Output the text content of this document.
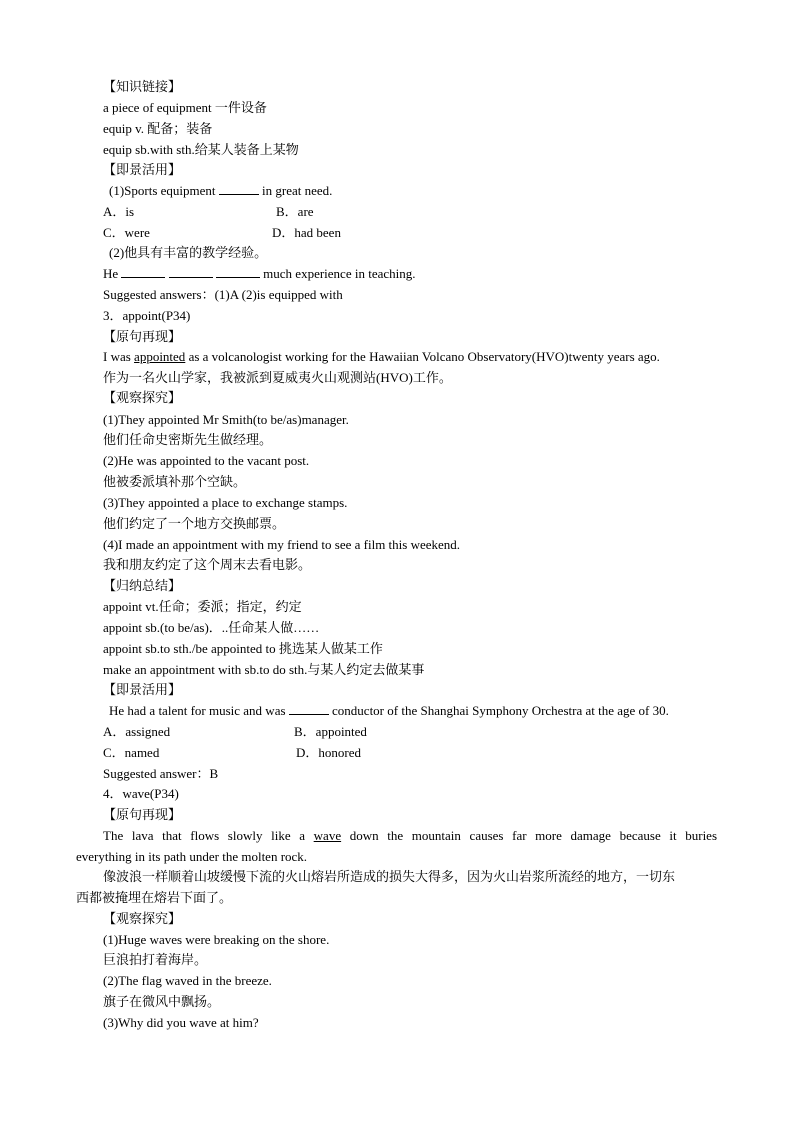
【知识链接】
a piece of equipment 一件设备
equip v. 配备；装备
equip sb.with sth.给某人装备上某物
【即景活用】
(1)Sports equipment	in great need.
A．is	B．are
C．were	D．had been
(2)他具有丰富的教学经验。
He	much experience in teaching.
Suggested answers：(1)A (2)is equipped with
3．appoint(P34)
【原句再现】
I was appointed as a volcanologist working for the Hawaiian Volcano Observatory(HVO)twenty years ago.
作为一名火山学家，我被派到夏威夷火山观测站(HVO)工作。
【观察探究】
(1)They appointed Mr Smith(to be/as)manager.
他们任命史密斯先生做经理。
(2)He was appointed to the vacant post.
他被委派填补那个空缺。
(3)They appointed a place to exchange stamps.
他们约定了一个地方交换邮票。
(4)I made an appointment with my friend to see a film this weekend.
我和朋友约定了这个周末去看电影。
【归纳总结】
appoint vt.任命；委派；指定，约定
appoint sb.(to be/as)．..任命某人做……
appoint sb.to sth./be appointed to 挑选某人做某工作
make an appointment with sb.to do sth.与某人约定去做某事
【即景活用】
He had a talent for music and was	conductor of the Shanghai Symphony Orchestra at the age of 30.
A．assigned	B．appointed
C．named	D．honored
Suggested answer：B
4．wave(P34)
【原句再现】
The lava that flows slowly like a wave down the mountain causes far more damage because it buries
everything in its path under the molten rock.
像波浪一样顺着山坡缓慢下流的火山熔岩所造成的损失大得多，因为火山岩浆所流经的地方，一切东
西都被掩埋在熔岩下面了。
【观察探究】
(1)Huge waves were breaking on the shore.
巨浪拍打着海岸。
(2)The flag waved in the breeze.
旗子在微风中飘扬。
(3)Why did you wave at him?
